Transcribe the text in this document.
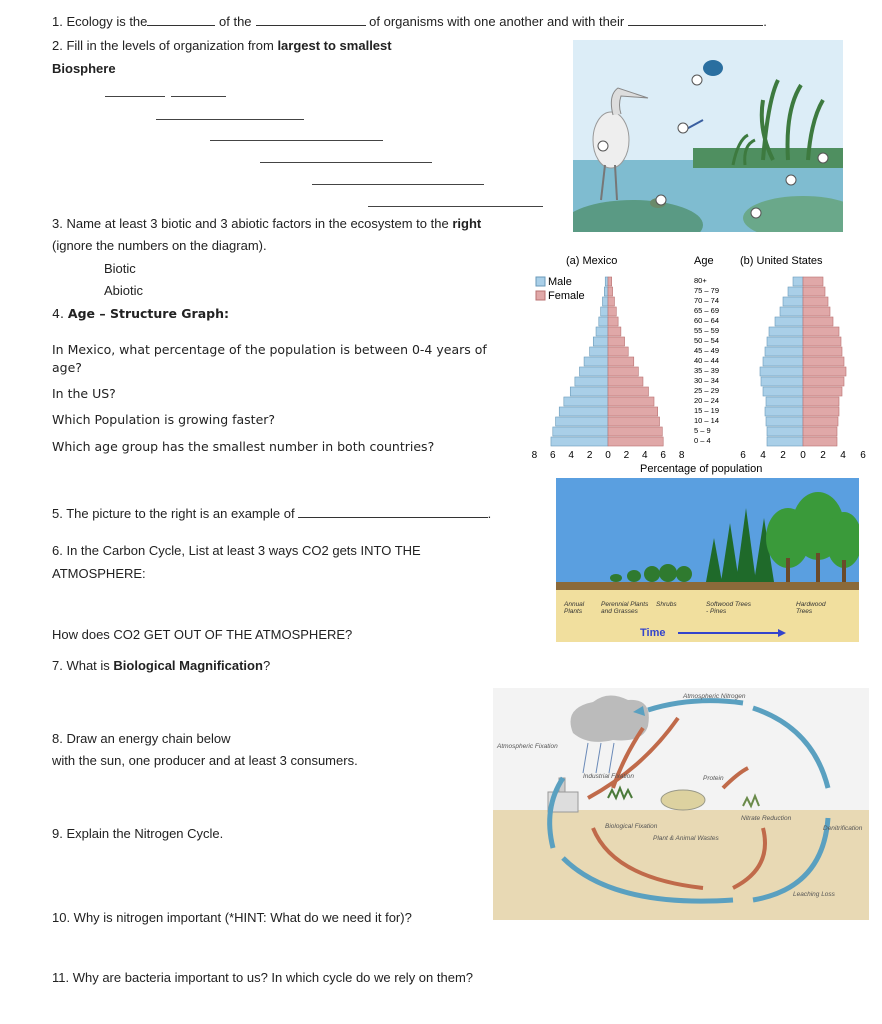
1. Ecology is the	of the	of organisms with one another and with their	.
2. Fill in the levels of organization from largest to smallest
Biosphere
3. Name at least 3 biotic and 3 abiotic factors in the ecosystem to the right
(ignore the numbers on the diagram).
Biotic
Abiotic
4. Age – Structure Graph:
In Mexico, what percentage of the population is between 0-4 years of
age?
In the US?
Which Population is growing faster?
Which age group has the smallest number in both countries?
(a) Mexico	Age (b) United States
Male
Female
80+
75 – 79
70 – 74
65 – 69
60 – 64
55 – 59
50 – 54
45 – 49
40 – 44
35 – 39
30 – 34
25 – 29
20 – 24
15 – 19
10 – 14
5 – 9
0 – 4
8 6 4 2 0 2 4 6 8	6 4 2 0 2 4 6
Percentage of population
5. The picture to the right is an example of	.
Annual
Plants
Perennial Plants
and Grasses
Shrubs	Softwood Trees
- Pines
Hardwood
Trees
Time
6. In the Carbon Cycle, List at least 3 ways CO2 gets INTO THE
ATMOSPHERE:
How does CO2 GET OUT OF THE ATMOSPHERE?
7. What is Biological Magnification?
Atmospheric Nitrogen
Atmospheric Fixation
Industrial Fixation	Protein
Biological Fixation
Plant & Animal Wastes
Nitrate Reduction
Denitrification
Leaching Loss
8. Draw an energy chain below
with the sun, one producer and at least 3 consumers.
9. Explain the Nitrogen Cycle.
10. Why is nitrogen important (*HINT: What do we need it for)?
11. Why are bacteria important to us? In which cycle do we rely on them?
